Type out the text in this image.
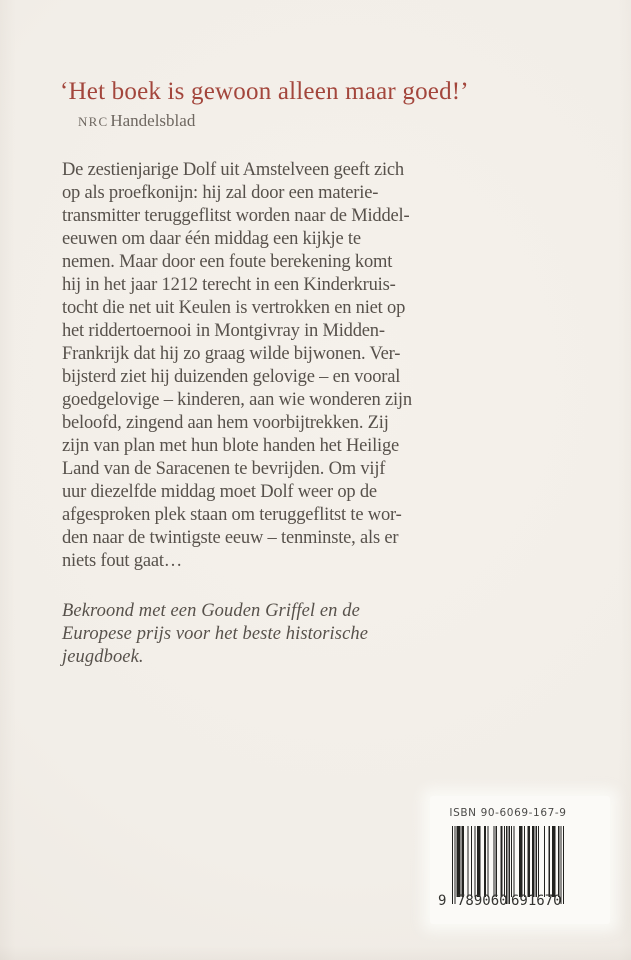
‘Het boek is gewoon alleen maar goed!’
NRC Handelsblad
De zestienjarige Dolf uit Amstelveen geeft zich
op als proefkonijn: hij zal door een materie-
transmitter teruggeflitst worden naar de Middel-
eeuwen om daar één middag een kijkje te
nemen. Maar door een foute berekening komt
hij in het jaar 1212 terecht in een Kinderkruis-
tocht die net uit Keulen is vertrokken en niet op
het riddertoernooi in Montgivray in Midden-
Frankrijk dat hij zo graag wilde bijwonen. Ver-
bijsterd ziet hij duizenden gelovige – en vooral
goedgelovige – kinderen, aan wie wonderen zijn
beloofd, zingend aan hem voorbijtrekken. Zij
zijn van plan met hun blote handen het Heilige
Land van de Saracenen te bevrijden. Om vijf
uur diezelfde middag moet Dolf weer op de
afgesproken plek staan om teruggeflitst te wor-
den naar de twintigste eeuw – tenminste, als er
niets fout gaat…
Bekroond met een Gouden Griffel en de
Europese prijs voor het beste historische
jeugdboek.
ISBN 90-6069-167-9
9 789060 691670
